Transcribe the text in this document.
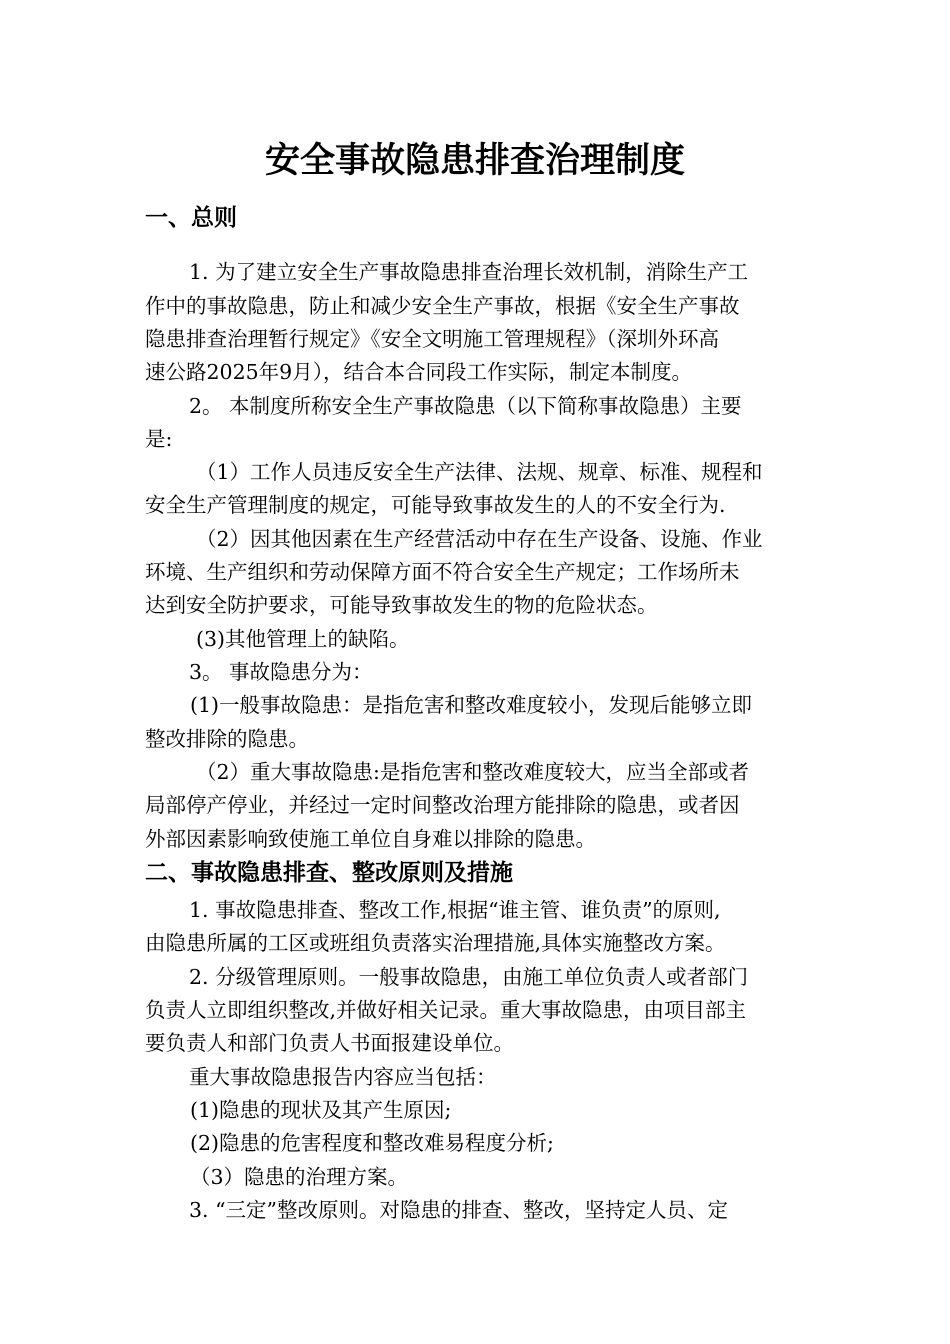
安全事故隐患排查治理制度
一、总则

1. 为了建立安全生产事故隐患排查治理长效机制，消除生产工

作中的事故隐患，防止和减少安全生产事故，根据《安全生产事故

隐患排查治理暂行规定》《安全文明施工管理规程》（深圳外环高

速公路2025年9月），结合本合同段工作实际，制定本制度。

2。 本制度所称安全生产事故隐患（以下简称事故隐患）主要

是:

（1）工作人员违反安全生产法律、法规、规章、标准、规程和

安全生产管理制度的规定，可能导致事故发生的人的不安全行为.

（2）因其他因素在生产经营活动中存在生产设备、设施、作业

环境、生产组织和劳动保障方面不符合安全生产规定；工作场所未

达到安全防护要求，可能导致事故发生的物的危险状态。

(3)其他管理上的缺陷。

3。 事故隐患分为：

(1)一般事故隐患：是指危害和整改难度较小，发现后能够立即

整改排除的隐患。

（2）重大事故隐患:是指危害和整改难度较大，应当全部或者

局部停产停业，并经过一定时间整改治理方能排除的隐患，或者因

外部因素影响致使施工单位自身难以排除的隐患。

二、事故隐患排查、整改原则及措施

1. 事故隐患排查、整改工作,根据“谁主管、谁负责”的原则,

由隐患所属的工区或班组负责落实治理措施,具体实施整改方案。

2. 分级管理原则。一般事故隐患，由施工单位负责人或者部门

负责人立即组织整改,并做好相关记录。重大事故隐患，由项目部主

要负责人和部门负责人书面报建设单位。

重大事故隐患报告内容应当包括：

(1)隐患的现状及其产生原因;

(2)隐患的危害程度和整改难易程度分析;

（3）隐患的治理方案。

3. “三定”整改原则。对隐患的排查、整改，坚持定人员、定
